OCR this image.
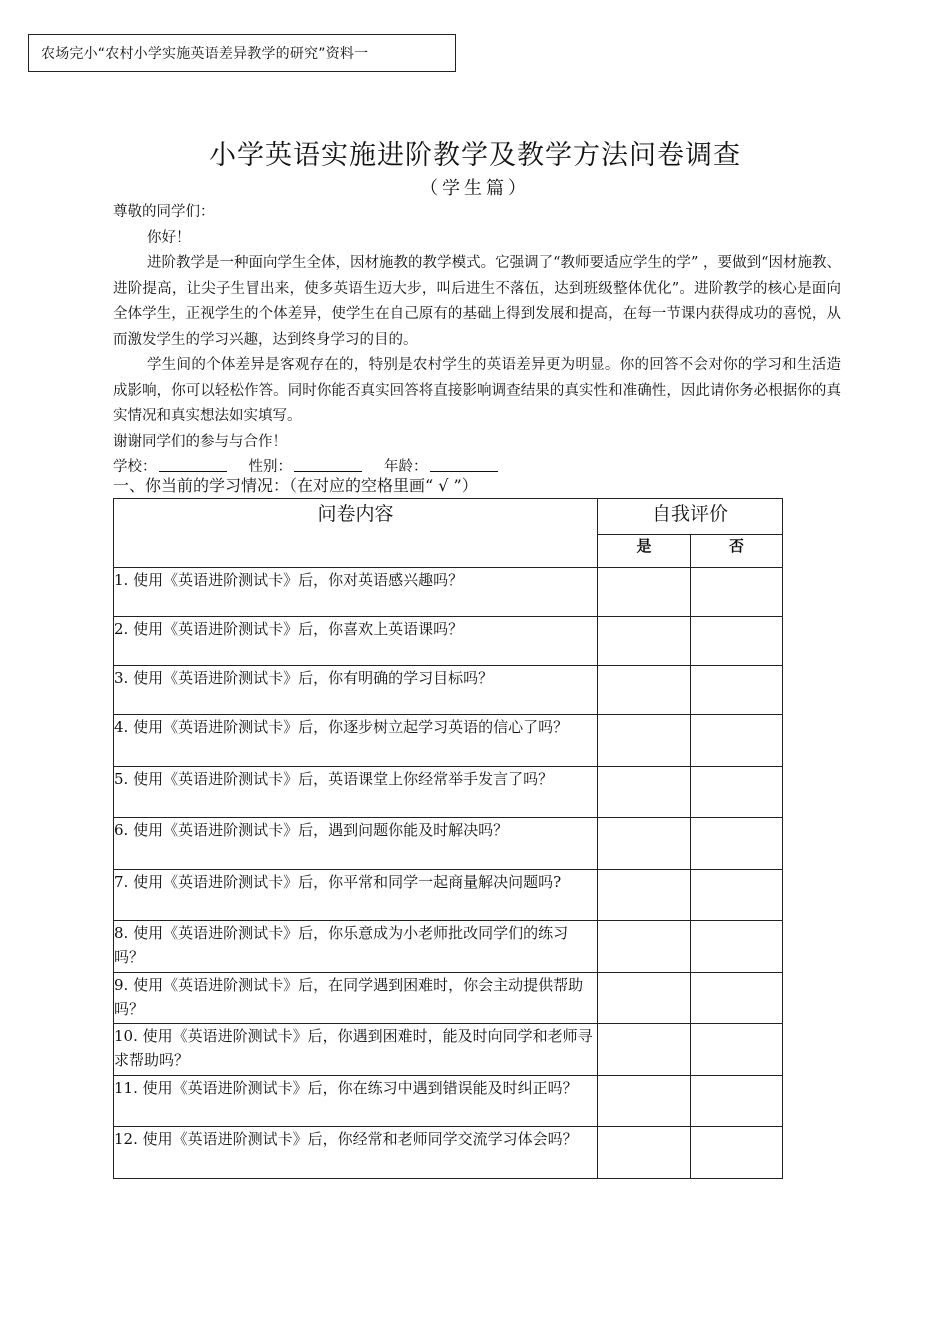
农场完小“农村小学实施英语差异教学的研究”资料一
小学英语实施进阶教学及教学方法问卷调查
（学生篇）

尊敬的同学们：

你好！

进阶教学是一种面向学生全体，因材施教的教学模式。它强调了“教师要适应学生的学” ，要做到“因材施教、进阶提高，让尖子生冒出来，使多英语生迈大步，叫后进生不落伍，达到班级整体优化”。进阶教学的核心是面向全体学生，正视学生的个体差异，使学生在自己原有的基础上得到发展和提高，在每一节课内获得成功的喜悦，从而激发学生的学习兴趣，达到终身学习的目的。

学生间的个体差异是客观存在的，特别是农村学生的英语差异更为明显。你的回答不会对你的学习和生活造成影响，你可以轻松作答。同时你能否真实回答将直接影响调查结果的真实性和准确性，因此请你务必根据你的真实情况和真实想法如实填写。

谢谢同学们的参与与合作！

学校：	性别：	年龄：

一、你当前的学习情况：（在对应的空格里画“ √ ”）
问卷内容	自我评价	
	是	否
1. 使用《英语进阶测试卡》后，你对英语感兴趣吗？		
2. 使用《英语进阶测试卡》后，你喜欢上英语课吗？		
3. 使用《英语进阶测试卡》后，你有明确的学习目标吗？		
4. 使用《英语进阶测试卡》后，你逐步树立起学习英语的信心了吗？		
5. 使用《英语进阶测试卡》后，英语课堂上你经常举手发言了吗？		
6. 使用《英语进阶测试卡》后，遇到问题你能及时解决吗？		
7. 使用《英语进阶测试卡》后，你平常和同学一起商量解决问题吗?		
8. 使用《英语进阶测试卡》后，你乐意成为小老师批改同学们的练习吗？		
9. 使用《英语进阶测试卡》后，在同学遇到困难时，你会主动提供帮助吗？		
10. 使用《英语进阶测试卡》后，你遇到困难时，能及时向同学和老师寻求帮助吗？		
11. 使用《英语进阶测试卡》后，你在练习中遇到错误能及时纠正吗？		
12. 使用《英语进阶测试卡》后，你经常和老师同学交流学习体会吗？		
